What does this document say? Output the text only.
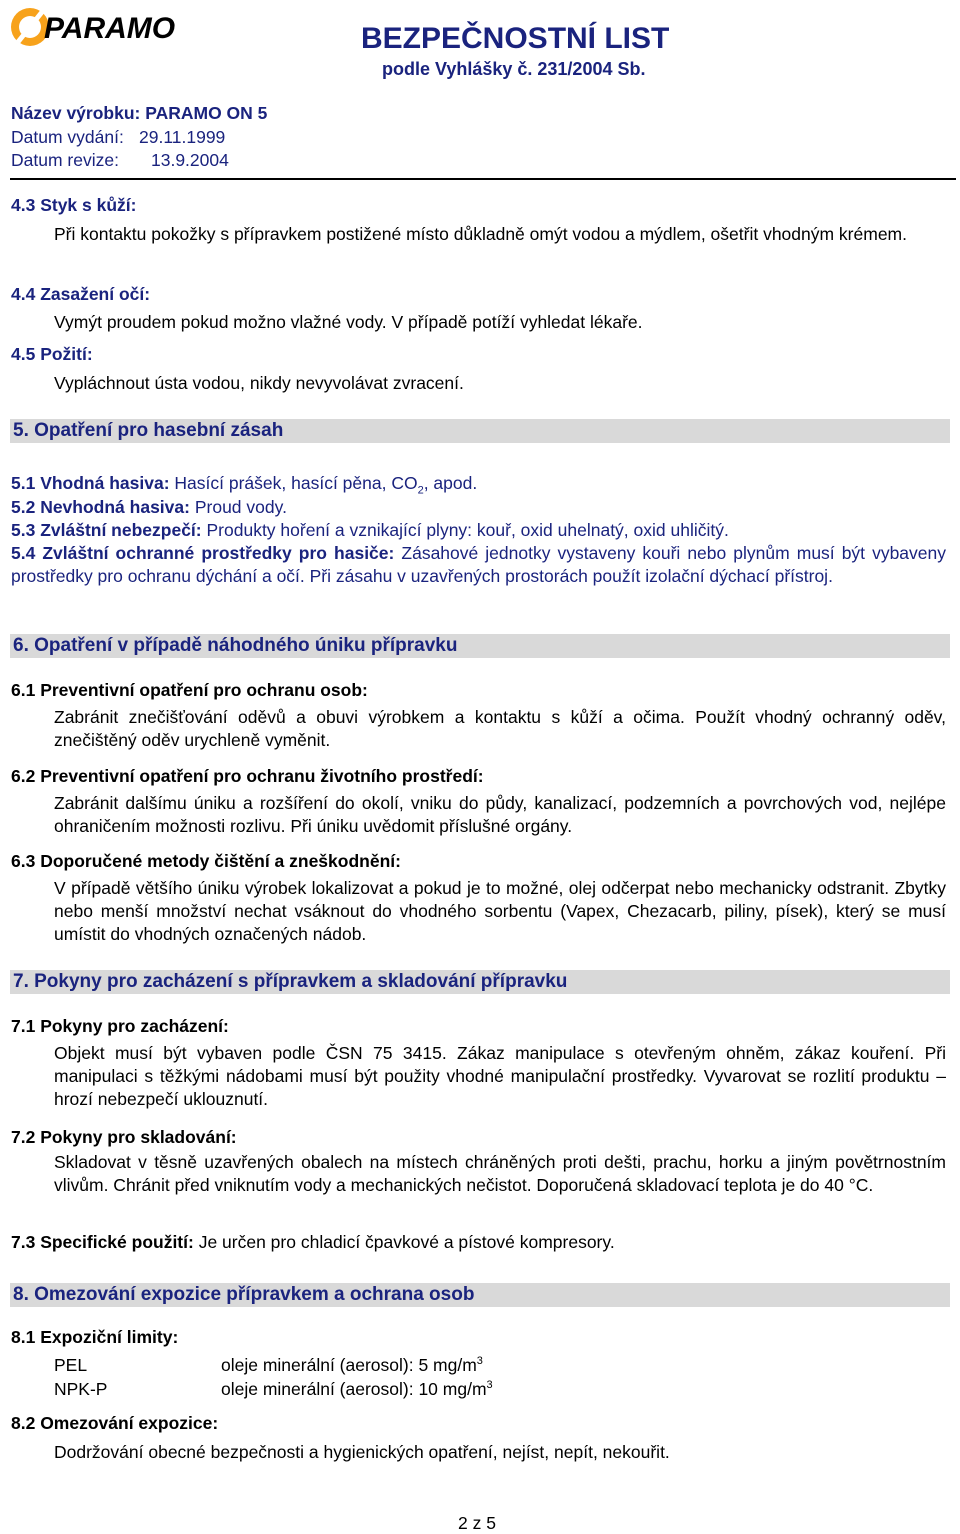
PARAMO	BEZPEČNOSTNÍ LIST
podle Vyhlášky č. 231/2004 Sb.
Název výrobku: PARAMO ON 5
Datum vydání: 29.11.1999
Datum revize: 13.9.2004
4.3 Styk s kůží:
Při kontaktu pokožky s přípravkem postižené místo důkladně omýt vodou a mýdlem, ošetřit vhodným krémem.
4.4 Zasažení očí:
Vymýt proudem pokud možno vlažné vody. V případě potíží vyhledat lékaře.
4.5 Požití:
Vypláchnout ústa vodou, nikdy nevyvolávat zvracení.
5. Opatření pro hasební zásah
5.1 Vhodná hasiva: Hasící prášek, hasící pěna, $CO_2$, apod.
5.2 Nevhodná hasiva: Proud vody.
5.3 Zvláštní nebezpečí: Produkty hoření a vznikající plyny: kouř, oxid uhelnatý, oxid uhličitý.
5.4 Zvláštní ochranné prostředky pro hasiče: Zásahové jednotky vystaveny kouři nebo plynům musí být vybaveny prostředky pro ochranu dýchání a očí. Při zásahu v uzavřených prostorách použít izolační dýchací přístroj.
6. Opatření v případě náhodného úniku přípravku
6.1 Preventivní opatření pro ochranu osob:
Zabránit znečišťování oděvů a obuvi výrobkem a kontaktu s kůží a očima. Použít vhodný ochranný oděv, znečištěný oděv urychleně vyměnit.
6.2 Preventivní opatření pro ochranu životního prostředí:
Zabránit dalšímu úniku a rozšíření do okolí, vniku do půdy, kanalizací, podzemních a povrchových vod, nejlépe ohraničením možnosti rozlivu. Při úniku uvědomit příslušné orgány.
6.3 Doporučené metody čištění a zneškodnění:
V případě většího úniku výrobek lokalizovat a pokud je to možné, olej odčerpat nebo mechanicky odstranit. Zbytky nebo menší množství nechat vsáknout do vhodného sorbentu (Vapex, Chezacarb, piliny, písek), který se musí umístit do vhodných označených nádob.
7. Pokyny pro zacházení s přípravkem a skladování přípravku
7.1 Pokyny pro zacházení:
Objekt musí být vybaven podle ČSN 75 3415. Zákaz manipulace s otevřeným ohněm, zákaz kouření. Při manipulaci s těžkými nádobami musí být použity vhodné manipulační prostředky. Vyvarovat se rozlití produktu – hrozí nebezpečí uklouznutí.
7.2 Pokyny pro skladování:
Skladovat v těsně uzavřených obalech na místech chráněných proti dešti, prachu, horku a jiným povětrnostním vlivům. Chránit před vniknutím vody a mechanických nečistot. Doporučená skladovací teplota je do 40 °C.
7.3 Specifické použití: Je určen pro chladicí čpavkové a pístové kompresory.
8. Omezování expozice přípravkem a ochrana osob
8.1 Expoziční limity:
PEL	oleje minerální (aerosol): 5 $mg/m^3$
NPK-P	oleje minerální (aerosol): 10 $mg/m^3$
8.2 Omezování expozice:
Dodržování obecné bezpečnosti a hygienických opatření, nejíst, nepít, nekouřit.
2 z 5
